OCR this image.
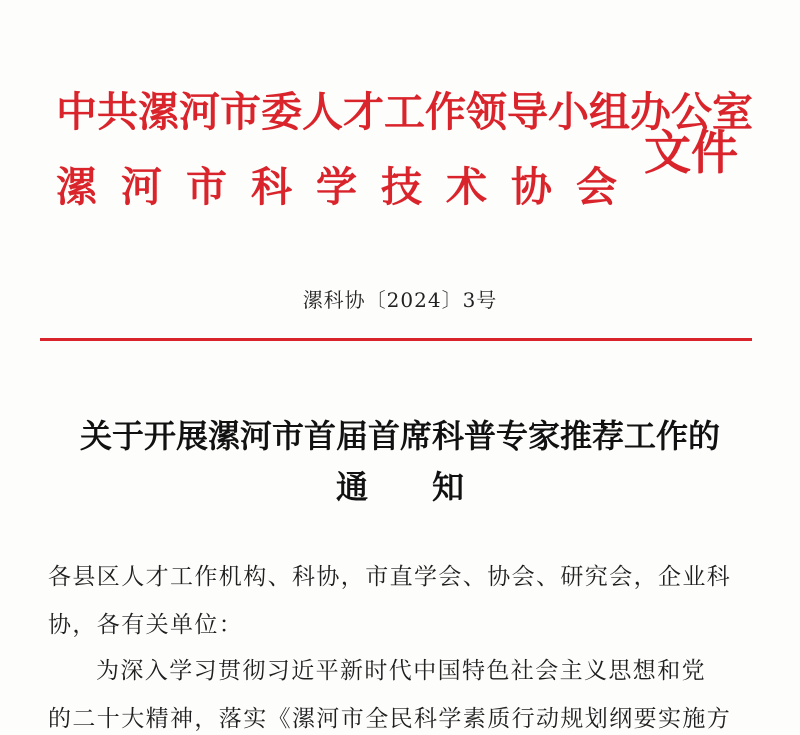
中共漯河市委人才工作领导小组办公室
漯河市科学技术协会
文件
漯科协〔2024〕3号
关于开展漯河市首届首席科普专家推荐工作的
通　　知
各县区人才工作机构、科协，市直学会、协会、研究会，企业科
协，各有关单位：
为深入学习贯彻习近平新时代中国特色社会主义思想和党
的二十大精神，落实《漯河市全民科学素质行动规划纲要实施方
